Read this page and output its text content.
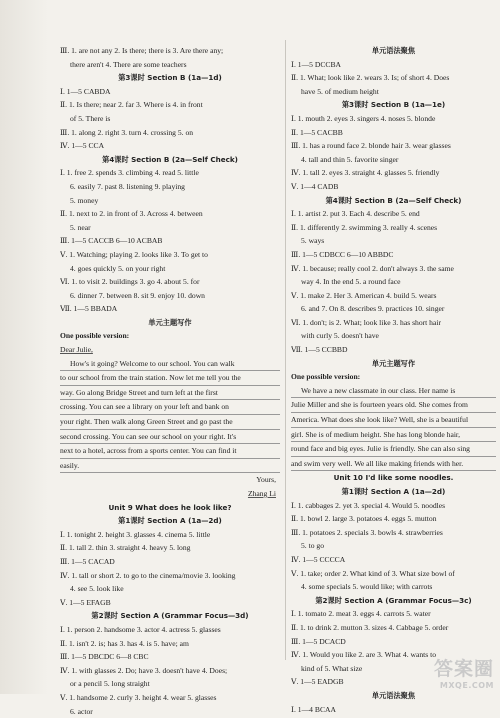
Ⅲ. 1. are not any 2. Is there; there is 3. Are there any;
there aren't 4. There are some teachers
第3课时 Section B (1a—1d)
Ⅰ. 1—5 CABDA
Ⅱ. 1. Is there; near 2. far 3. Where is 4. in front
of 5. There is
Ⅲ. 1. along 2. right 3. turn 4. crossing 5. on
Ⅳ. 1—5 CCA
第4课时 Section B (2a—Self Check)
Ⅰ. 1. free 2. spends 3. climbing 4. read 5. little
6. easily 7. past 8. listening 9. playing
5. money
Ⅱ. 1. next to 2. in front of 3. Across 4. between
5. near
Ⅲ. 1—5 CACCB 6—10 ACBAB
Ⅴ. 1. Watching; playing 2. looks like 3. To get to
4. goes quickly 5. on your right
Ⅵ. 1. to visit 2. buildings 3. go 4. about 5. for
6. dinner 7. between 8. sit 9. enjoy 10. down
Ⅶ. 1—5 BBADA
单元主题写作
One possible version:
Dear Julie,
How's it going? Welcome to our school. You can walk
to our school from the train station. Now let me tell you the
way. Go along Bridge Street and turn left at the first
crossing. You can see a library on your left and bank on
your right. Then walk along Green Street and go past the
second crossing. You can see our school on your right. It's
next to a hotel, across from a sports center. You can find it
easily.
Yours,
Zhang Li
Unit 9 What does he look like?
第1课时 Section A (1a—2d)
Ⅰ. 1. tonight 2. height 3. glasses 4. cinema 5. little
Ⅱ. 1. tall 2. thin 3. straight 4. heavy 5. long
Ⅲ. 1—5 CACAD
Ⅳ. 1. tall or short 2. to go to the cinema/movie 3. looking
4. see 5. look like
Ⅴ. 1—5 EFAGB
第2课时 Section A (Grammar Focus—3d)
Ⅰ. 1. person 2. handsome 3. actor 4. actress 5. glasses
Ⅱ. 1. isn't 2. is; has 3. has 4. is 5. have; am
Ⅲ. 1—5 DBCDC 6—8 CBC
Ⅳ. 1. with glasses 2. Do; have 3. doesn't have 4. Does;
or a pencil 5. long straight
Ⅴ. 1. handsome 2. curly 3. height 4. wear 5. glasses
6. actor
单元语法聚焦
Ⅰ. 1—5 DCCBA
Ⅱ. 1. What; look like 2. wears 3. Is; of short 4. Does
have 5. of medium height
第3课时 Section B (1a—1e)
Ⅰ. 1. mouth 2. eyes 3. singers 4. noses 5. blonde
Ⅱ. 1—5 CACBB
Ⅲ. 1. has a round face 2. blonde hair 3. wear glasses
4. tall and thin 5. favorite singer
Ⅳ. 1. tall 2. eyes 3. straight 4. glasses 5. friendly
Ⅴ. 1—4 CADB
第4课时 Section B (2a—Self Check)
Ⅰ. 1. artist 2. put 3. Each 4. describe 5. end
Ⅱ. 1. differently 2. swimming 3. really 4. scenes
5. ways
Ⅲ. 1—5 CDBCC 6—10 ABBDC
Ⅳ. 1. because; really cool 2. don't always 3. the same
way 4. In the end 5. a round face
Ⅴ. 1. make 2. Her 3. American 4. build 5. wears
6. and 7. On 8. describes 9. practices 10. singer
Ⅵ. 1. don't; is 2. What; look like 3. has short hair
with curly 5. doesn't have
Ⅶ. 1—5 CCBBD
单元主题写作
One possible version:
We have a new classmate in our class. Her name is
Julie Miller and she is fourteen years old. She comes from
America. What does she look like? Well, she is a beautiful
girl. She is of medium height. She has long blonde hair,
round face and big eyes. Julie is friendly. She can also sing
and swim very well. We all like making friends with her.
Unit 10 I'd like some noodles.
第1课时 Section A (1a—2d)
Ⅰ. 1. cabbages 2. yet 3. special 4. Would 5. noodles
Ⅱ. 1. bowl 2. large 3. potatoes 4. eggs 5. mutton
Ⅲ. 1. potatoes 2. specials 3. bowls 4. strawberries
5. to go
Ⅳ. 1—5 CCCCA
Ⅴ. 1. take; order 2. What kind of 3. What size bowl of
4. some specials 5. would like; with carrots
第2课时 Section A (Grammar Focus—3c)
Ⅰ. 1. tomato 2. meat 3. eggs 4. carrots 5. water
Ⅱ. 1. to drink 2. mutton 3. sizes 4. Cabbage 5. order
Ⅲ. 1—5 DCACD
Ⅳ. 1. Would you like 2. are 3. What 4. wants to
kind of 5. What size
Ⅴ. 1—5 EADGB
单元语法聚焦
Ⅰ. 1—4 BCAA
答案圈
MXQE.COM
